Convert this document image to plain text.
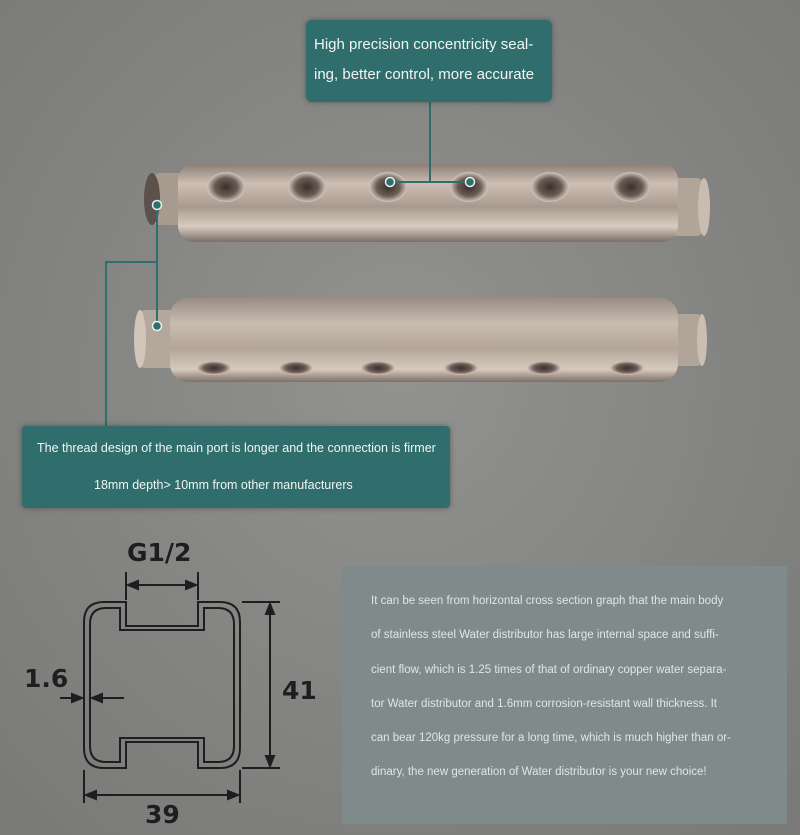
High precision concentricity seal-
ing, better control, more accurate
The thread design of the main port is longer and the connection is firmer
18mm depth> 10mm from other manufacturers
G1/2
1.6	41
39
It can be seen from horizontal cross section graph that the main body
of stainless steel Water distributor has large internal space and suffi-
cient flow, which is 1.25 times of that of ordinary copper water separa-
tor Water distributor and 1.6mm corrosion-resistant wall thickness. It
can bear 120kg pressure for a long time, which is much higher than or-
dinary, the new generation of Water distributor is your new choice!
